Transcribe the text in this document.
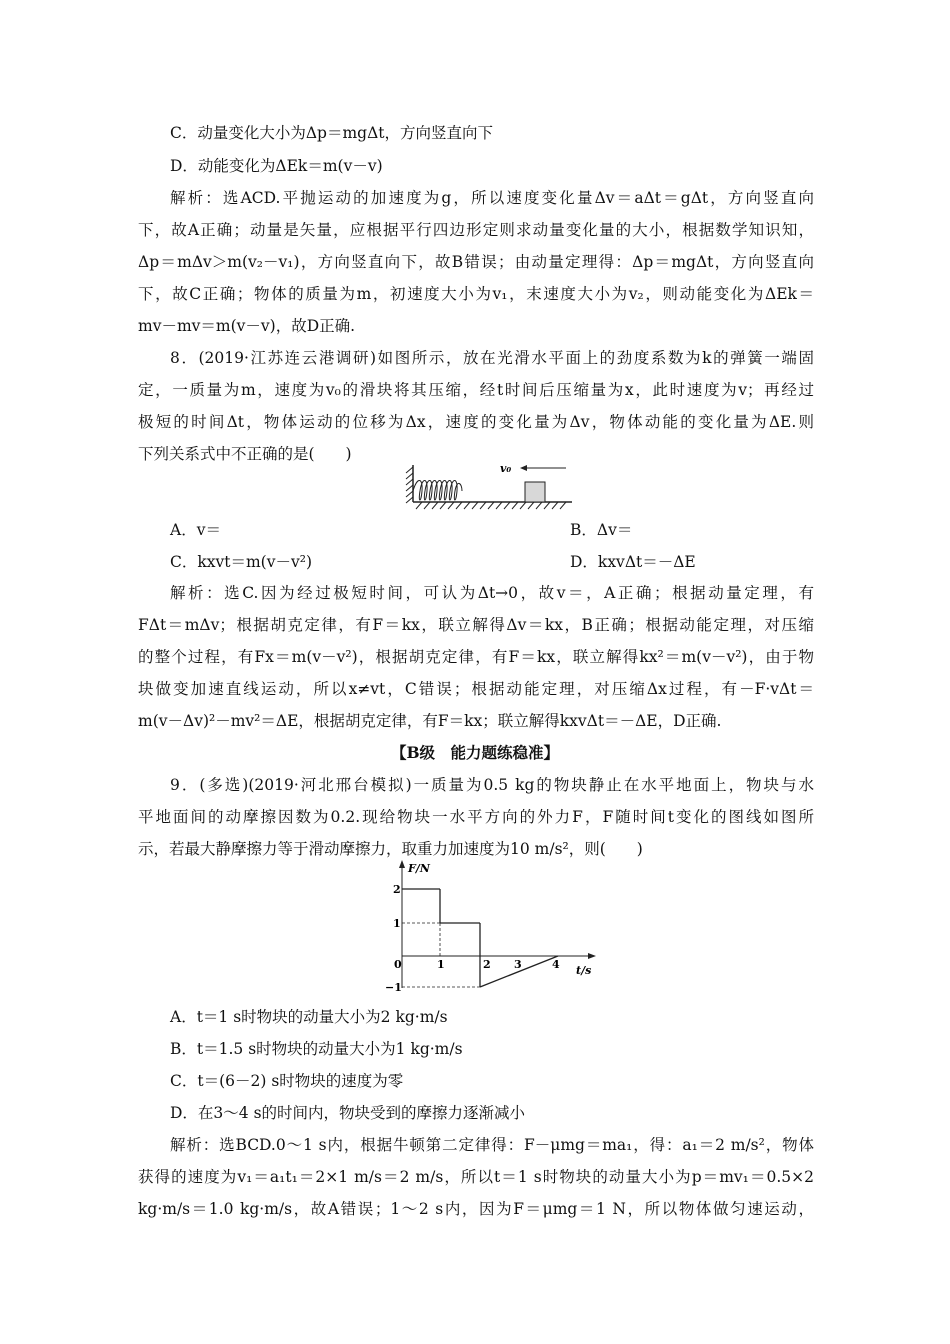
C．动量变化大小为Δp＝mgΔt，方向竖直向下
D．动能变化为ΔEk＝m(v－v)
解析：选ACD.平抛运动的加速度为g，所以速度变化量Δv＝aΔt＝gΔt，方向竖直向
下，故A正确；动量是矢量，应根据平行四边形定则求动量变化量的大小，根据数学知识知，
Δp＝mΔv＞m(v₂－v₁)，方向竖直向下，故B错误；由动量定理得：Δp＝mgΔt，方向竖直向
下，故C正确；物体的质量为m，初速度大小为v₁，末速度大小为v₂，则动能变化为ΔEk＝
mv－mv＝m(v－v)，故D正确.
8．(2019·江苏连云港调研)如图所示，放在光滑水平面上的劲度系数为k的弹簧一端固
定，一质量为m，速度为v₀的滑块将其压缩，经t时间后压缩量为x，此时速度为v；再经过
极短的时间Δt，物体运动的位移为Δx，速度的变化量为Δv，物体动能的变化量为ΔE.则
下列关系式中不正确的是(　　)
v₀
A．v＝	B．Δv＝
C．kxvt＝m(v－v²)	D．kxvΔt＝－ΔE
解析：选C.因为经过极短时间，可认为Δt→0，故v＝，A正确；根据动量定理，有
FΔt＝mΔv；根据胡克定律，有F＝kx，联立解得Δv＝kx，B正确；根据动能定理，对压缩
的整个过程，有Fx＝m(v－v²)，根据胡克定律，有F＝kx，联立解得kx²＝m(v－v²)，由于物
块做变加速直线运动，所以x≠vt，C错误；根据动能定理，对压缩Δx过程，有－F·vΔt＝
m(v－Δv)²－mv²＝ΔE，根据胡克定律，有F＝kx；联立解得kxvΔt＝－ΔE，D正确.
【B级　能力题练稳准】
9．(多选)(2019·河北邢台模拟)一质量为0.5 kg的物块静止在水平地面上，物块与水
平地面间的动摩擦因数为0.2.现给物块一水平方向的外力F，F随时间t变化的图线如图所
示，若最大静摩擦力等于滑动摩擦力，取重力加速度为10 m/s²，则(　　)
F/N
t/s
2
1
−1
0	1	2 3	4
A．t＝1 s时物块的动量大小为2 kg·m/s
B．t＝1.5 s时物块的动量大小为1 kg·m/s
C．t＝(6－2) s时物块的速度为零
D．在3～4 s的时间内，物块受到的摩擦力逐渐减小
解析：选BCD.0～1 s内，根据牛顿第二定律得：F－μmg＝ma₁，得：a₁＝2 m/s²，物体
获得的速度为v₁＝a₁t₁＝2×1 m/s＝2 m/s，所以t＝1 s时物块的动量大小为p＝mv₁＝0.5×2
kg·m/s＝1.0 kg·m/s，故A错误；1～2 s内，因为F＝μmg＝1 N，所以物体做匀速运动，
